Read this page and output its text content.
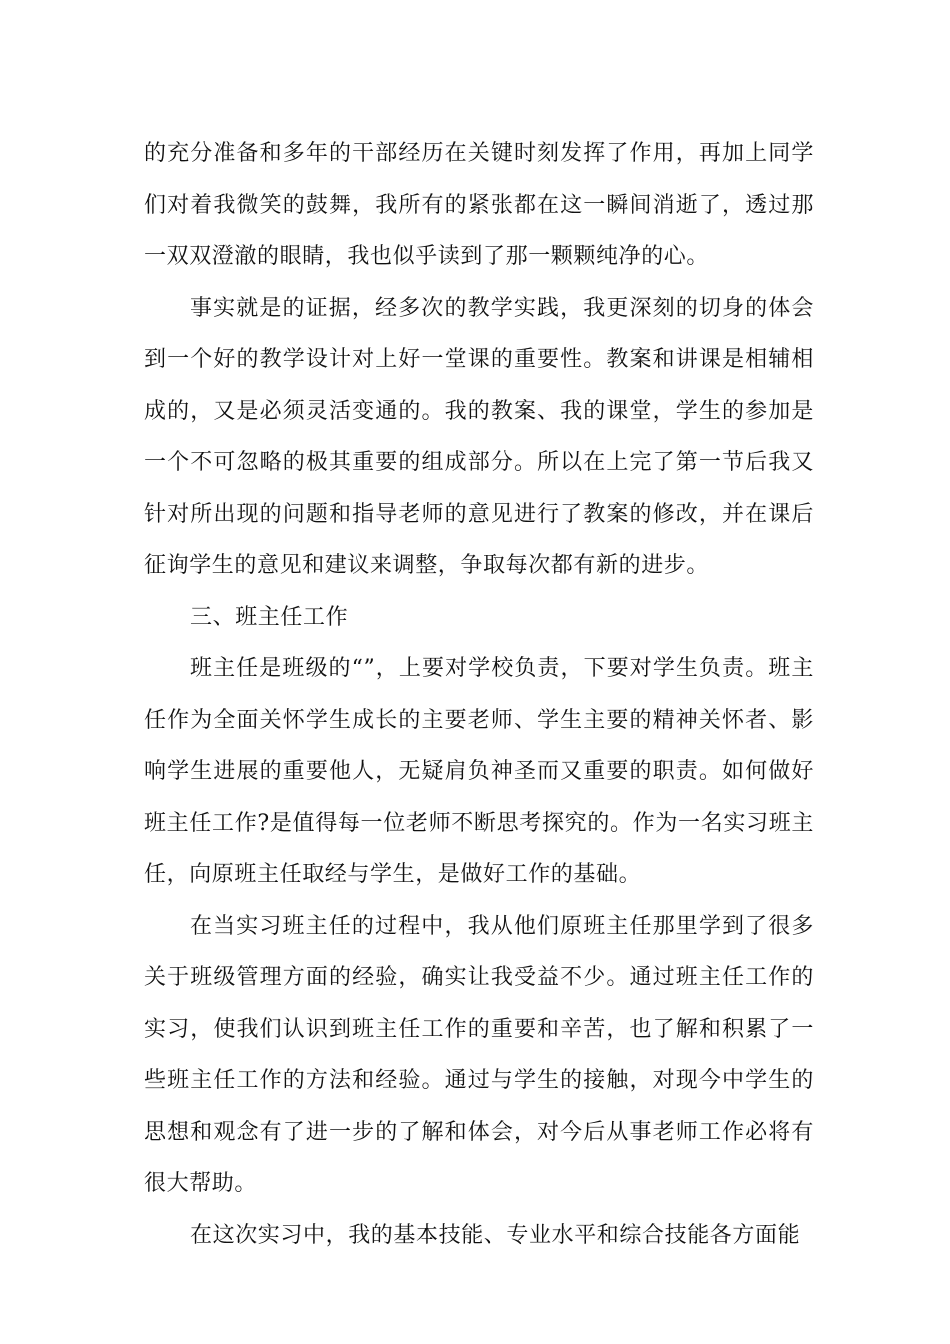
的充分准备和多年的干部经历在关键时刻发挥了作用，再加上同学们对着我微笑的鼓舞，我所有的紧张都在这一瞬间消逝了，透过那一双双澄澈的眼睛，我也似乎读到了那一颗颗纯净的心。

事实就是的证据，经多次的教学实践，我更深刻的切身的体会到一个好的教学设计对上好一堂课的重要性。教案和讲课是相辅相成的，又是必须灵活变通的。我的教案、我的课堂，学生的参加是一个不可忽略的极其重要的组成部分。所以在上完了第一节后我又针对所出现的问题和指导老师的意见进行了教案的修改，并在课后征询学生的意见和建议来调整，争取每次都有新的进步。

三、班主任工作

班主任是班级的“”，上要对学校负责，下要对学生负责。班主任作为全面关怀学生成长的主要老师、学生主要的精神关怀者、影响学生进展的重要他人，无疑肩负神圣而又重要的职责。如何做好班主任工作?是值得每一位老师不断思考探究的。作为一名实习班主任，向原班主任取经与学生，是做好工作的基础。

在当实习班主任的过程中，我从他们原班主任那里学到了很多关于班级管理方面的经验，确实让我受益不少。通过班主任工作的实习，使我们认识到班主任工作的重要和辛苦，也了解和积累了一些班主任工作的方法和经验。通过与学生的接触，对现今中学生的思想和观念有了进一步的了解和体会，对今后从事老师工作必将有很大帮助。

在这次实习中，我的基本技能、专业水平和综合技能各方面能
